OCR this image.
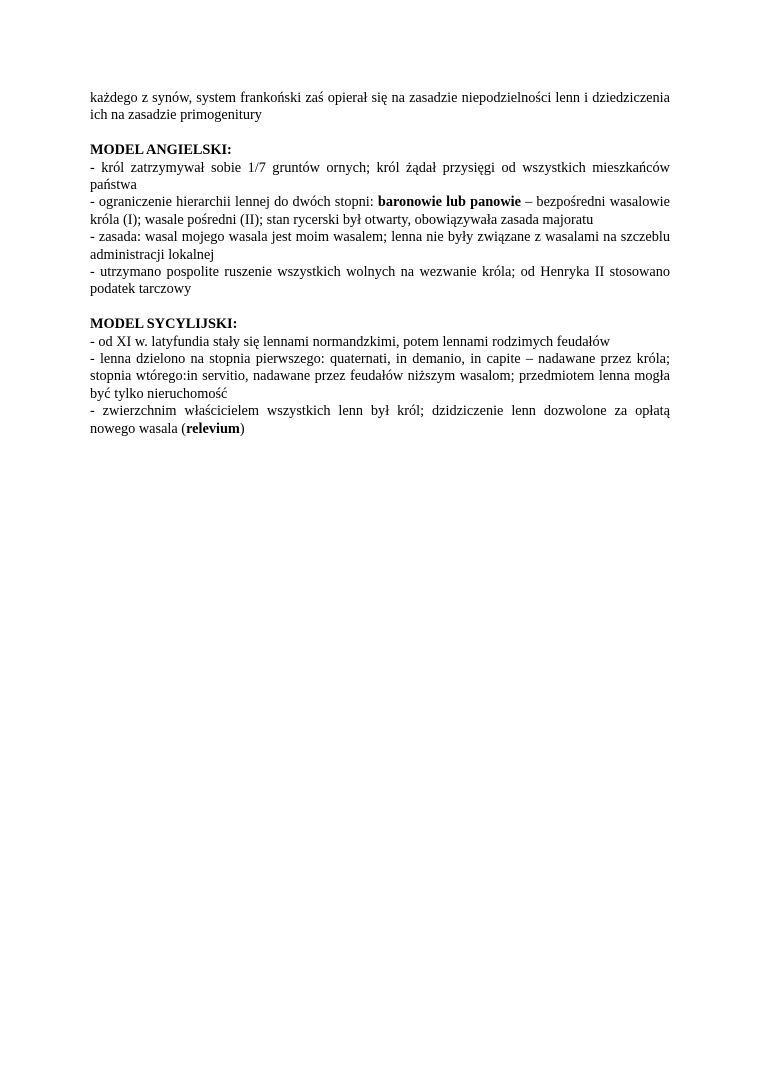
każdego z synów, system frankoński zaś opierał się na zasadzie niepodzielności lenn i dziedziczenia ich na zasadzie primogenitury

MODEL ANGIELSKI:

- król zatrzymywał sobie 1/7 gruntów ornych; król żądał przysięgi od wszystkich mieszkańców państwa

- ograniczenie hierarchii lennej do dwóch stopni: baronowie lub panowie – bezpośredni wasalowie króla (I); wasale pośredni (II); stan rycerski był otwarty, obowiązywała zasada majoratu

- zasada: wasal mojego wasala jest moim wasalem; lenna nie były związane z wasalami na szczeblu administracji lokalnej

- utrzymano pospolite ruszenie wszystkich wolnych na wezwanie króla; od Henryka II stosowano podatek tarczowy

MODEL SYCYLIJSKI:

- od XI w. latyfundia stały się lennami normandzkimi, potem lennami rodzimych feudałów

- lenna dzielono na stopnia pierwszego: quaternati, in demanio, in capite – nadawane przez króla; stopnia wtórego:in servitio, nadawane przez feudałów niższym wasalom; przedmiotem lenna mogła być tylko nieruchomość

- zwierzchnim właścicielem wszystkich lenn był król; dzidziczenie lenn dozwolone za opłatą nowego wasala (relevium)
